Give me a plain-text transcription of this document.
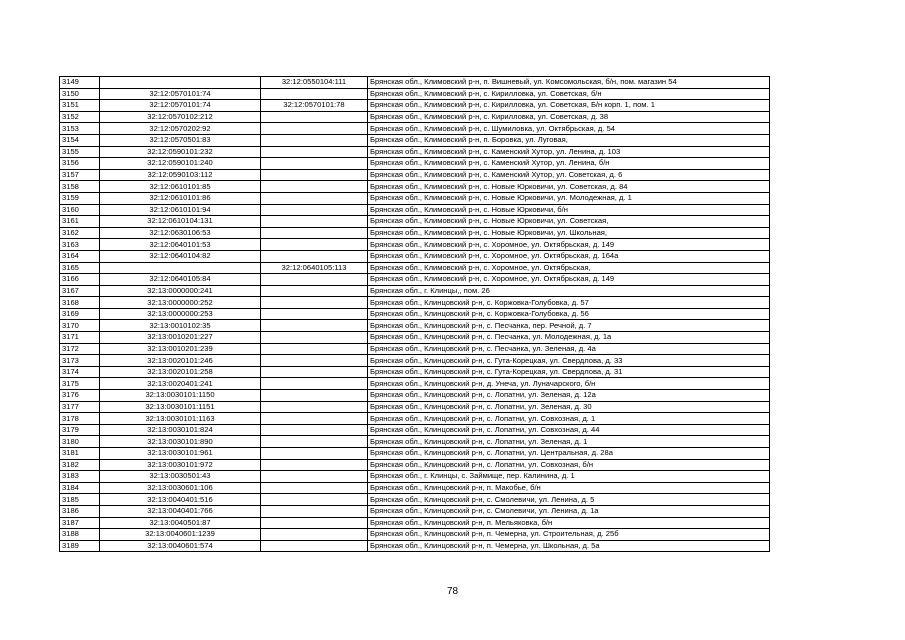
3149		32:12:0550104:111	Брянская обл., Климовский р-н, п. Вишневый, ул. Комсомольская, б/н, пом. магазин 54
3150	32:12:0570101:74		Брянская обл., Климовский р-н, с. Кирилловка, ул. Советская, б/н
3151	32:12:0570101:74	32:12:0570101:78	Брянская обл., Климовский р-н, с. Кирилловка, ул. Советская, Б/н корп. 1, пом. 1
3152	32:12:0570102:212		Брянская обл., Климовский р-н, с. Кирилловка, ул. Советская, д. 38
3153	32:12:0570202:92		Брянская обл., Климовский р-н, с. Шумиловка, ул. Октябрьская, д. 54
3154	32:12:0570501:83		Брянская обл., Климовский р-н, п. Боровка, ул. Луговая,
3155	32:12:0590101:232		Брянская обл., Климовский р-н, с. Каменский Хутор, ул. Ленина, д. 103
3156	32:12:0590101:240		Брянская обл., Климовский р-н, с. Каменский Хутор, ул. Ленина, б/н
3157	32:12:0590103:112		Брянская обл., Климовский р-н, с. Каменский Хутор, ул. Советская, д. 6
3158	32:12:0610101:85		Брянская обл., Климовский р-н, с. Новые Юрковичи, ул. Советская, д. 84
3159	32:12:0610101:86		Брянская обл., Климовский р-н, с. Новые Юрковичи, ул. Молодежная, д. 1
3160	32:12:0610101:94		Брянская обл., Климовский р-н, с. Новые Юрковичи, б/н
3161	32:12:0610104:131		Брянская обл., Климовский р-н, с. Новые Юрковичи, ул. Советская,
3162	32:12:0630106:53		Брянская обл., Климовский р-н, с. Новые Юрковичи, ул. Школьная,
3163	32:12:0640101:53		Брянская обл., Климовский р-н, с. Хоромное, ул. Октябрьская, д. 149
3164	32:12:0640104:82		Брянская обл., Климовский р-н, с. Хоромное, ул. Октябрьская, д. 164а
3165		32:12:0640105:113	Брянская обл., Климовский р-н, с. Хоромное, ул. Октябрьская,
3166	32:12:0640105:84		Брянская обл., Климовский р-н, с. Хоромное, ул. Октябрьская, д. 149
3167	32:13:0000000:241		Брянская обл., г. Клинцы,, пом. 26
3168	32:13:0000000:252		Брянская обл., Клинцовский р-н, с. Коржовка-Голубовка, д. 57
3169	32:13:0000000:253		Брянская обл., Клинцовский р-н, с. Коржовка-Голубовка, д. 56
3170	32:13:0010102:35		Брянская обл., Клинцовский р-н, с. Песчанка, пер. Речной, д. 7
3171	32:13:0010201:227		Брянская обл., Клинцовский р-н, с. Песчанка, ул. Молодежная, д. 1а
3172	32:13:0010201:239		Брянская обл., Клинцовский р-н, с. Песчанка, ул. Зеленая, д. 4а
3173	32:13:0020101:246		Брянская обл., Клинцовский р-н, с. Гута-Корецкая, ул. Свердлова, д. 33
3174	32:13:0020101:258		Брянская обл., Клинцовский р-н, с. Гута-Корецкая, ул. Свердлова, д. 31
3175	32:13:0020401:241		Брянская обл., Клинцовский р-н, д. Унеча, ул. Луначарского, б/н
3176	32:13:0030101:1150		Брянская обл., Клинцовский р-н, с. Лопатни, ул. Зеленая, д. 12а
3177	32:13:0030101:1151		Брянская обл., Клинцовский р-н, с. Лопатни, ул. Зеленая, д. 30
3178	32:13:0030101:1163		Брянская обл., Клинцовский р-н, с. Лопатни, ул. Совхозная, д. 1
3179	32:13:0030101:824		Брянская обл., Клинцовский р-н, с. Лопатни, ул. Совхозная, д. 44
3180	32:13:0030101:890		Брянская обл., Клинцовский р-н, с. Лопатни, ул. Зеленая, д. 1
3181	32:13:0030101:961		Брянская обл., Клинцовский р-н, с. Лопатни, ул. Центральная, д. 28а
3182	32:13:0030101:972		Брянская обл., Клинцовский р-н, с. Лопатни, ул. Совхозная, б/н
3183	32:13:0030501:43		Брянская обл., г. Клинцы, с. Займище, пер. Калинина, д. 1
3184	32:13:0030601:106		Брянская обл., Клинцовский р-н, п. Макобье, б/н
3185	32:13:0040401:516		Брянская обл., Клинцовский р-н, с. Смолевичи, ул. Ленина, д. 5
3186	32:13:0040401:766		Брянская обл., Клинцовский р-н, с. Смолевичи, ул. Ленина, д. 1а
3187	32:13:0040501:87		Брянская обл., Клинцовский р-н, п. Мельяковка, б/н
3188	32:13:0040601:1239		Брянская обл., Клинцовский р-н, п. Чемерна, ул. Строительная, д. 25б
3189	32:13:0040601:574		Брянская обл., Клинцовский р-н, п. Чемерна, ул. Школьная, д. 5а
78
